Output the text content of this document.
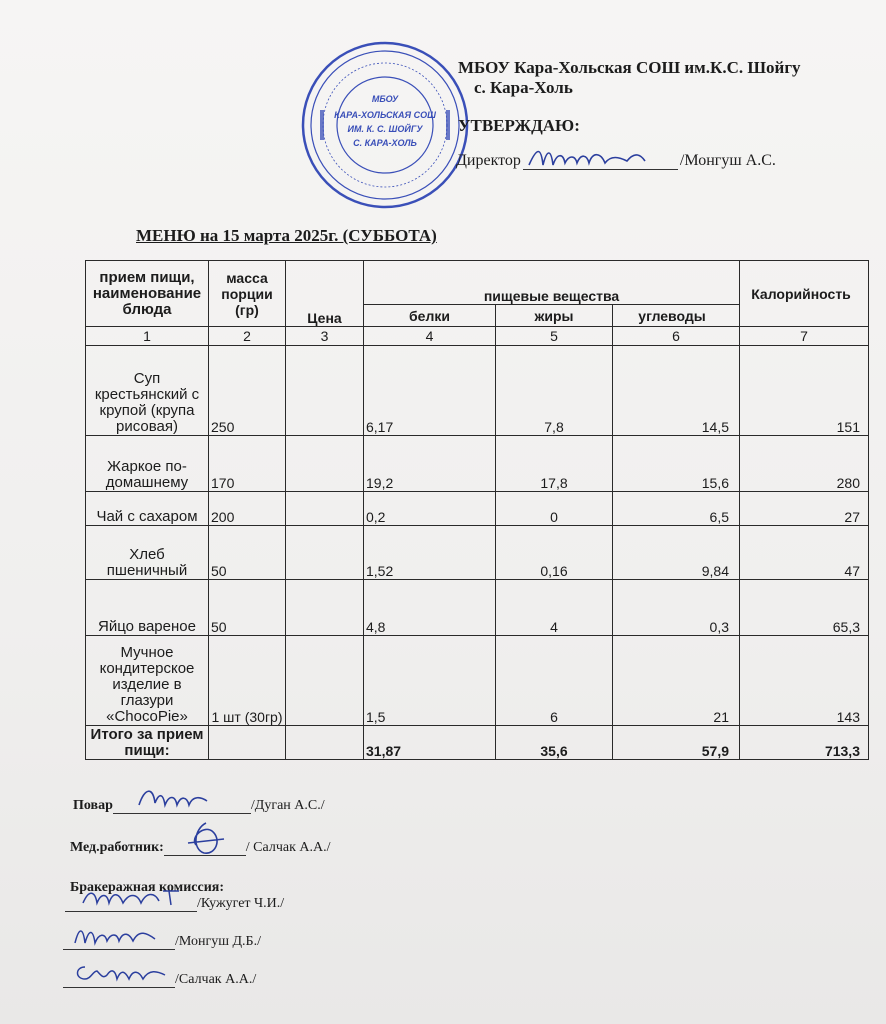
МБОУ
КАРА-ХОЛЬСКАЯ СОШ
ИМ. К. С. ШОЙГУ
С. КАРА-ХОЛЬ
МБОУ Кара-Хольская СОШ им.К.С. Шойгу
с. Кара-Холь
УТВЕРЖДАЮ:
Директор	/Монгуш А.С.
МЕНЮ на 15 марта 2025г. (СУББОТА)
прием пищи, наименование блюда	масса порции (гр)	Цена	пищевые вещества			Калорийность
			белки	жиры	углеводы	
1	2	3	4	5	6	7
Суп крестьянский с крупой (крупа рисовая)	250		6,17	7,8	14,5	151
Жаркое по-домашнему	170		19,2	17,8	15,6	280
Чай с сахаром	200		0,2	0	6,5	27
Хлеб пшеничный	50		1,52	0,16	9,84	47
Яйцо вареное	50		4,8	4	0,3	65,3
Мучное кондитерское изделие в глазури «ChocoPie»	1 шт (30гр)		1,5	6	21	143
Итого за прием пищи:			31,87	35,6	57,9	713,3
Повар	/Дуган А.С./
Мед.работник:	/ Салчак А.А./
Бракеражная комиссия:
/Кужугет Ч.И./
/Монгуш Д.Б./
/Салчак А.А./
